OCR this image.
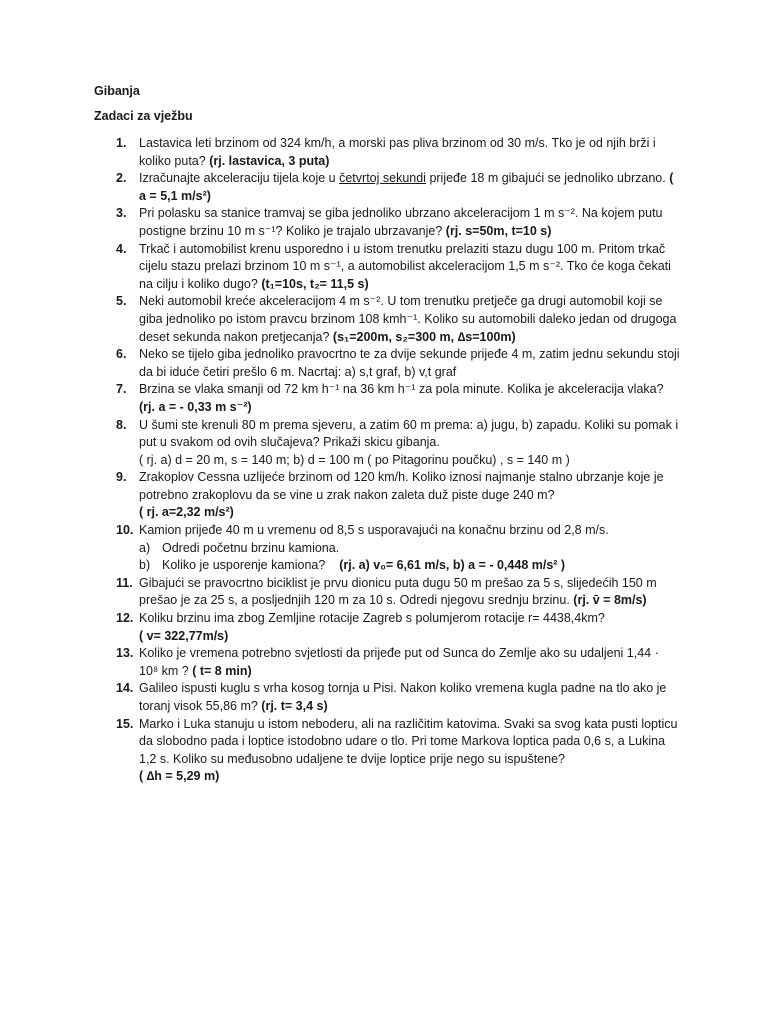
Gibanja
Zadaci za vježbu
1. Lastavica leti brzinom od 324 km/h, a morski pas pliva brzinom od 30 m/s. Tko je od njih brži i koliko puta? (rj. lastavica, 3 puta)
2. Izračunajte akceleraciju tijela koje u četvrtoj sekundi prijeđe 18 m gibajući se jednoliko ubrzano. ( a = 5,1 m/s²)
3. Pri polasku sa stanice tramvaj se giba jednoliko ubrzano akceleracijom 1 m s⁻². Na kojem putu postigne brzinu 10 m s⁻¹? Koliko je trajalo ubrzavanje? (rj. s=50m, t=10 s)
4. Trkač i automobilist krenu usporedno i u istom trenutku prelaziti stazu dugu 100 m. Pritom trkač cijelu stazu prelazi brzinom 10 m s⁻¹, a automobilist akceleracijom 1,5 m s⁻². Tko će koga čekati na cilju i koliko dugo? (t₁=10s, t₂= 11,5 s)
5. Neki automobil kreće akceleracijom 4 m s⁻². U tom trenutku pretječe ga drugi automobil koji se giba jednoliko po istom pravcu brzinom 108 kmh⁻¹. Koliko su automobili daleko jedan od drugoga deset sekunda nakon pretjecanja? (s₁=200m, s₂=300 m, ∆s=100m)
6. Neko se tijelo giba jednoliko pravocrtno te za dvije sekunde prijeđe 4 m, zatim jednu sekundu stoji da bi iduće četiri prešlo 6 m. Nacrtaj: a) s,t graf, b) v,t graf
7. Brzina se vlaka smanji od 72 km h⁻¹ na 36 km h⁻¹ za pola minute. Kolika je akceleracija vlaka?
(rj. a = - 0,33 m s⁻²)
8. U šumi ste krenuli 80 m prema sjeveru, a zatim 60 m prema: a) jugu, b) zapadu. Koliki su pomak i put u svakom od ovih slučajeva? Prikaži skicu gibanja.
( rj. a) d = 20 m, s = 140 m; b) d = 100 m ( po Pitagorinu poučku) , s = 140 m )
9. Zrakoplov Cessna uzlijeće brzinom od 120 km/h. Koliko iznosi najmanje stalno ubrzanje koje je potrebno zrakoplovu da se vine u zrak nakon zaleta duž piste duge 240 m?
( rj. a=2,32 m/s²)
10. Kamion prijeđe 40 m u vremenu od 8,5 s usporavajući na konačnu brzinu od 2,8 m/s.
a) Odredi početnu brzinu kamiona.
b) Koliko je usporenje kamiona? (rj. a) v₀= 6,61 m/s, b) a = - 0,448 m/s² )
11. Gibajući se pravocrtno biciklist je prvu dionicu puta dugu 50 m prešao za 5 s, slijedećih 150 m prešao je za 25 s, a posljednjih 120 m za 10 s. Odredi njegovu srednju brzinu. (rj. v̄ = 8m/s)
12. Koliku brzinu ima zbog Zemljine rotacije Zagreb s polumjerom rotacije r= 4438,4km?
( v= 322,77m/s)
13. Koliko je vremena potrebno svjetlosti da prijeđe put od Sunca do Zemlje ako su udaljeni 1,44 · 10⁸ km ? ( t= 8 min)
14. Galileo ispusti kuglu s vrha kosog tornja u Pisi. Nakon koliko vremena kugla padne na tlo ako je toranj visok 55,86 m? (rj. t= 3,4 s)
15. Marko i Luka stanuju u istom neboderu, ali na različitim katovima. Svaki sa svog kata pusti lopticu da slobodno pada i loptice istodobno udare o tlo. Pri tome Markova loptica pada 0,6 s, a Lukina 1,2 s. Koliko su međusobno udaljene te dvije loptice prije nego su ispuštene?
( ∆h = 5,29 m)
